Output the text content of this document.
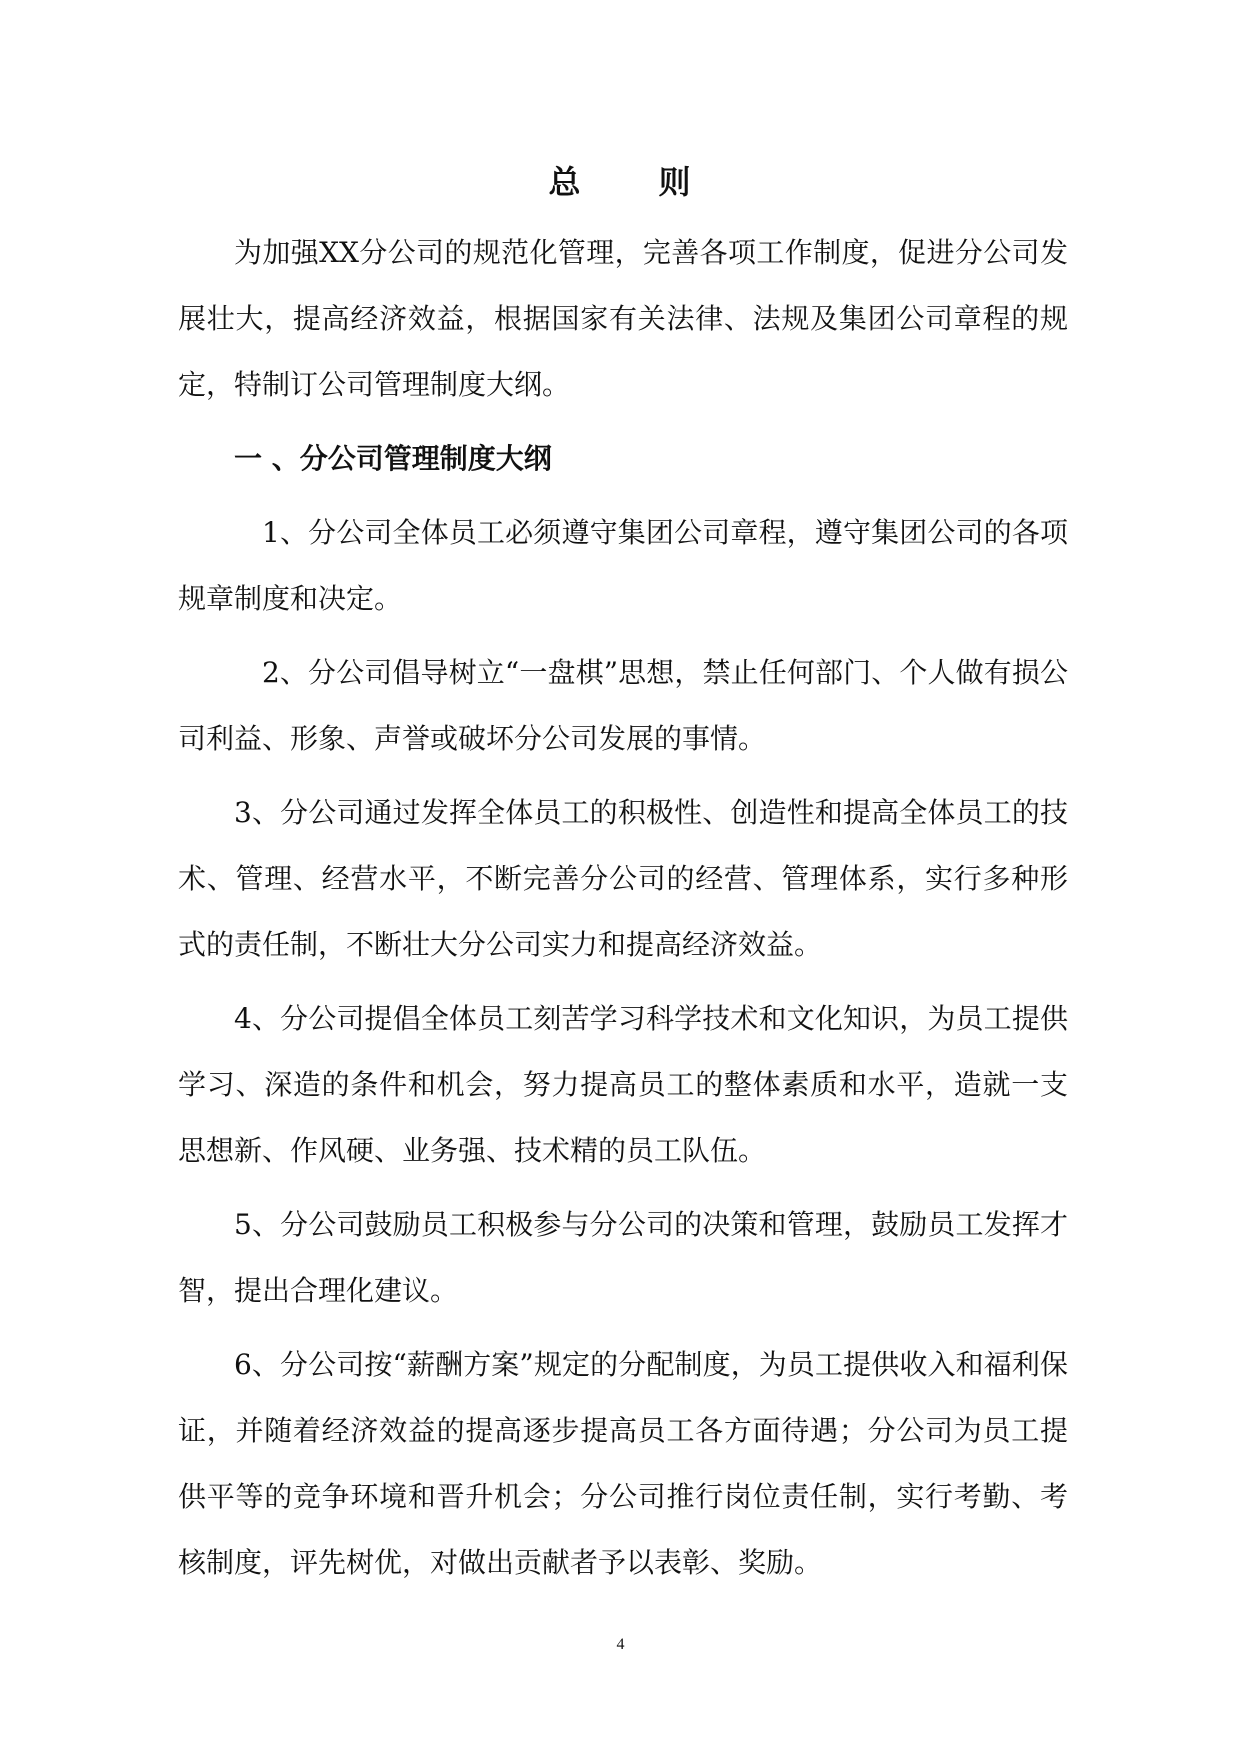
总 则

为加强XX分公司的规范化管理，完善各项工作制度，促进分公司发展壮大，提高经济效益，根据国家有关法律、法规及集团公司章程的规定，特制订公司管理制度大纲。

一 、分公司管理制度大纲

1、分公司全体员工必须遵守集团公司章程，遵守集团公司的各项规章制度和决定。

2、分公司倡导树立“一盘棋”思想，禁止任何部门、个人做有损公司利益、形象、声誉或破坏分公司发展的事情。

3、分公司通过发挥全体员工的积极性、创造性和提高全体员工的技术、管理、经营水平，不断完善分公司的经营、管理体系，实行多种形式的责任制，不断壮大分公司实力和提高经济效益。

4、分公司提倡全体员工刻苦学习科学技术和文化知识，为员工提供学习、深造的条件和机会，努力提高员工的整体素质和水平，造就一支思想新、作风硬、业务强、技术精的员工队伍。

5、分公司鼓励员工积极参与分公司的决策和管理，鼓励员工发挥才智，提出合理化建议。

6、分公司按“薪酬方案”规定的分配制度，为员工提供收入和福利保证，并随着经济效益的提高逐步提高员工各方面待遇；分公司为员工提供平等的竞争环境和晋升机会；分公司推行岗位责任制，实行考勤、考核制度，评先树优，对做出贡献者予以表彰、奖励。

4
